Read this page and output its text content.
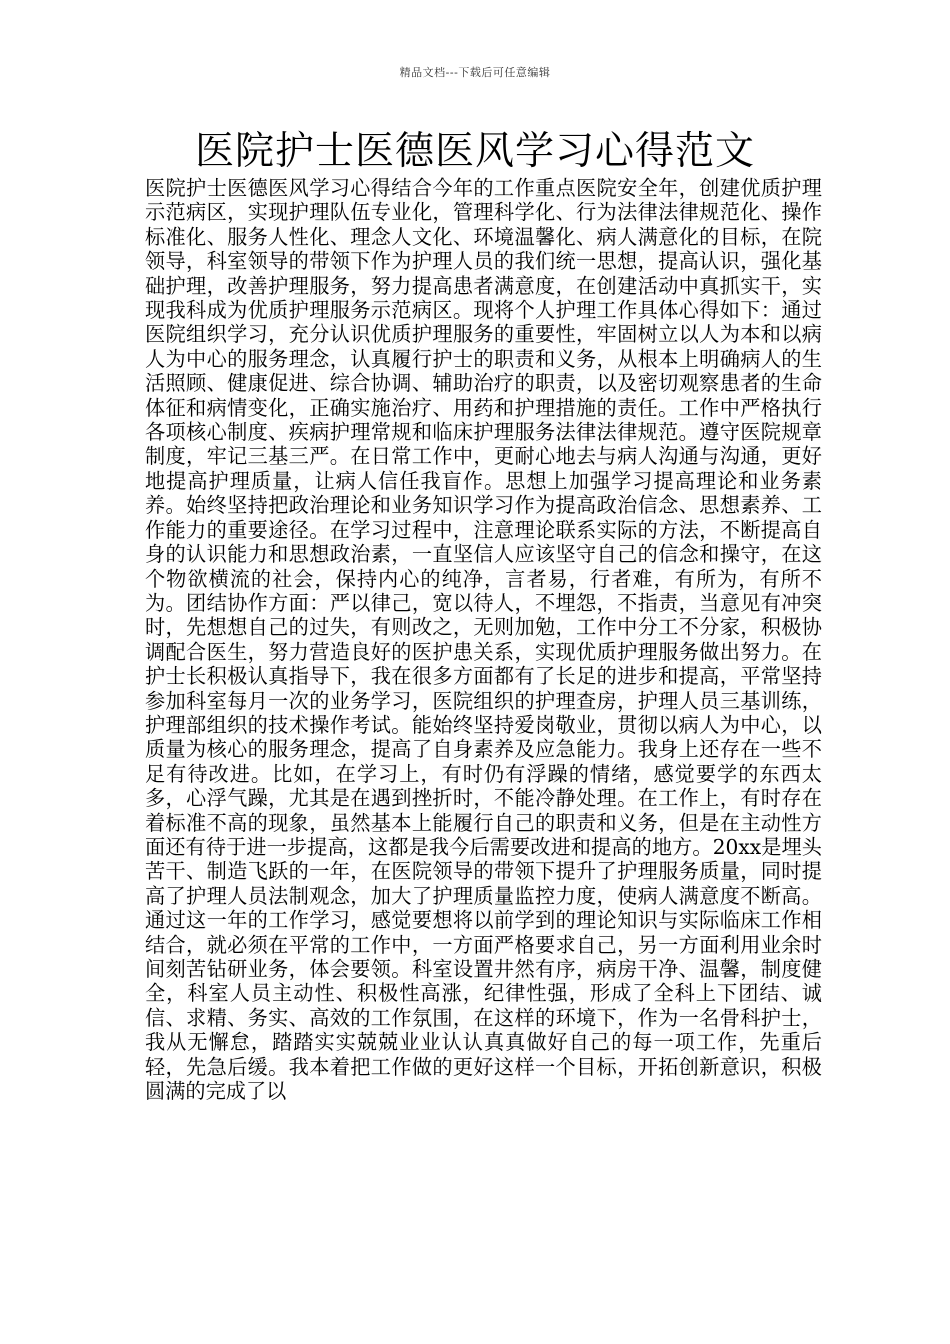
精品文档---下载后可任意编辑
医院护士医德医风学习心得范文

医院护士医德医风学习心得结合今年的工作重点医院安全年，创建优质护理示范病区，实现护理队伍专业化，管理科学化、行为法律法律规范化、操作标准化、服务人性化、理念人文化、环境温馨化、病人满意化的目标，在院领导，科室领导的带领下作为护理人员的我们统一思想，提高认识，强化基础护理，改善护理服务，努力提高患者满意度，在创建活动中真抓实干，实现我科成为优质护理服务示范病区。现将个人护理工作具体心得如下：通过医院组织学习，充分认识优质护理服务的重要性，牢固树立以人为本和以病人为中心的服务理念，认真履行护士的职责和义务，从根本上明确病人的生活照顾、健康促进、综合协调、辅助治疗的职责，以及密切观察患者的生命体征和病情变化，正确实施治疗、用药和护理措施的责任。工作中严格执行各项核心制度、疾病护理常规和临床护理服务法律法律规范。遵守医院规章制度，牢记三基三严。在日常工作中，更耐心地去与病人沟通与沟通，更好地提高护理质量，让病人信任我盲作。思想上加强学习提高理论和业务素养。始终坚持把政治理论和业务知识学习作为提高政治信念、思想素养、工作能力的重要途径。在学习过程中，注意理论联系实际的方法，不断提高自身的认识能力和思想政治素，一直坚信人应该坚守自己的信念和操守，在这个物欲横流的社会，保持内心的纯净，言者易，行者难，有所为，有所不为。团结协作方面：严以律己，宽以待人，不埋怨，不指责，当意见有冲突时，先想想自己的过失，有则改之，无则加勉，工作中分工不分家，积极协调配合医生，努力营造良好的医护患关系，实现优质护理服务做出努力。在护士长积极认真指导下，我在很多方面都有了长足的进步和提高，平常坚持参加科室每月一次的业务学习，医院组织的护理查房，护理人员三基训练，护理部组织的技术操作考试。能始终坚持爱岗敬业，贯彻以病人为中心，以质量为核心的服务理念，提高了自身素养及应急能力。我身上还存在一些不足有待改进。比如，在学习上，有时仍有浮躁的情绪，感觉要学的东西太多，心浮气躁，尤其是在遇到挫折时，不能冷静处理。在工作上，有时存在着标准不高的现象，虽然基本上能履行自己的职责和义务，但是在主动性方面还有待于进一步提高，这都是我今后需要改进和提高的地方。20xx是埋头苦干、制造飞跃的一年，在医院领导的带领下提升了护理服务质量，同时提高了护理人员法制观念，加大了护理质量监控力度，使病人满意度不断高。通过这一年的工作学习，感觉要想将以前学到的理论知识与实际临床工作相结合，就必须在平常的工作中，一方面严格要求自己，另一方面利用业余时间刻苦钻研业务，体会要领。科室设置井然有序，病房干净、温馨，制度健全，科室人员主动性、积极性高涨，纪律性强，形成了全科上下团结、诚信、求精、务实、高效的工作氛围，在这样的环境下，作为一名骨科护士，我从无懈怠，踏踏实实兢兢业业认认真真做好自己的每一项工作，先重后轻，先急后缓。我本着把工作做的更好这样一个目标，开拓创新意识，积极圆满的完成了以
